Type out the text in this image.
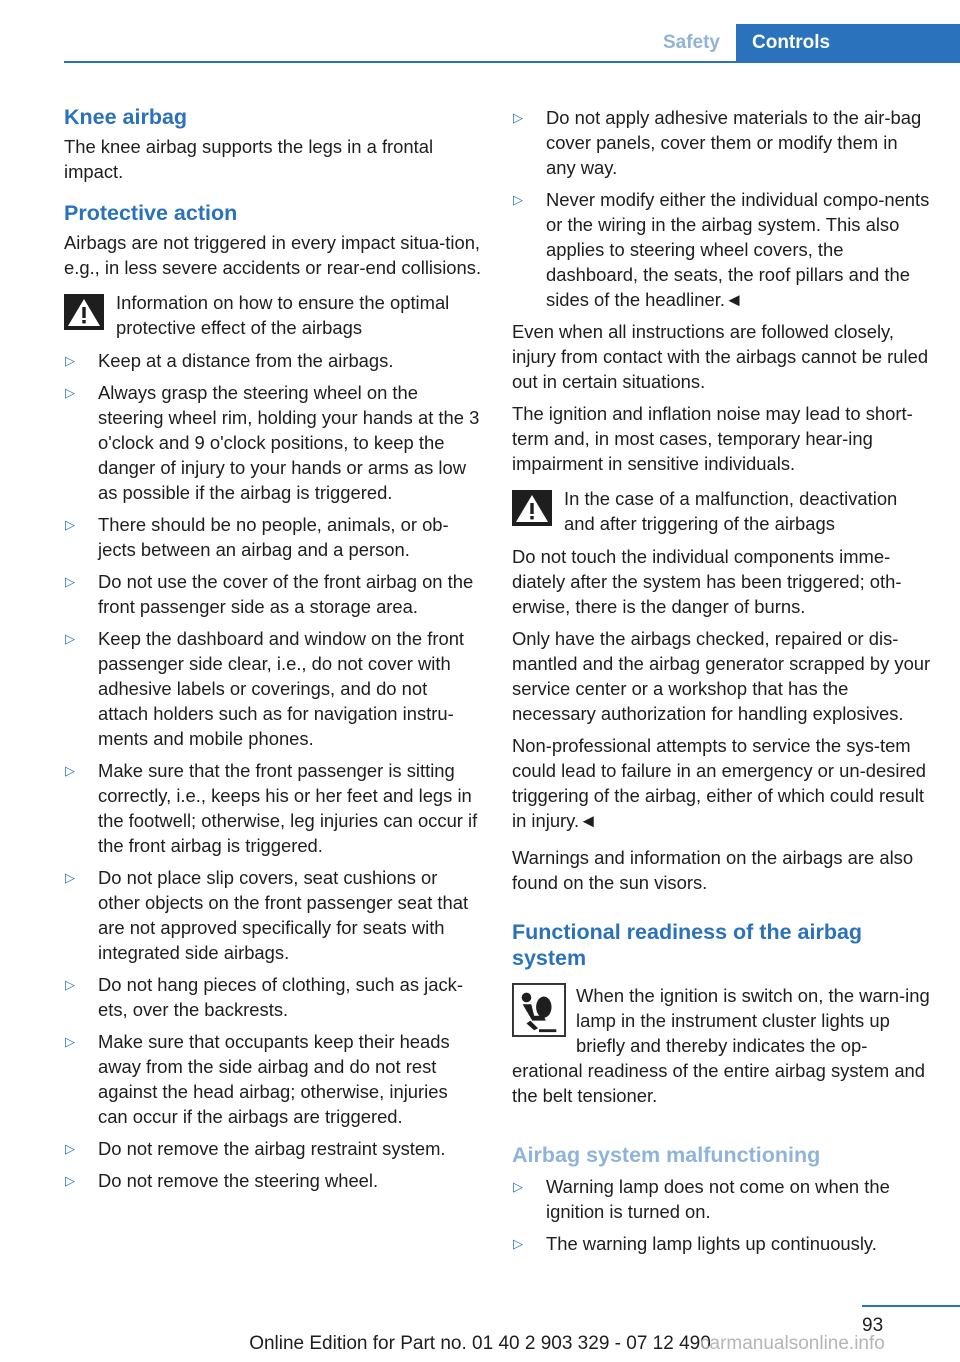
Safety	Controls
Knee airbag

The knee airbag supports the legs in a frontal impact.

Protective action

Airbags are not triggered in every impact situa-tion, e.g., in less severe accidents or rear-end collisions.

Information on how to ensure the optimal protective effect of the airbags
▷ Keep at a distance from the airbags.
▷ Always grasp the steering wheel on the steering wheel rim, holding your hands at the 3 o'clock and 9 o'clock positions, to keep the danger of injury to your hands or arms as low as possible if the airbag is triggered.
▷ There should be no people, animals, or ob-jects between an airbag and a person.
▷ Do not use the cover of the front airbag on the front passenger side as a storage area.
▷ Keep the dashboard and window on the front passenger side clear, i.e., do not cover with adhesive labels or coverings, and do not attach holders such as for navigation instru-ments and mobile phones.
▷ Make sure that the front passenger is sitting correctly, i.e., keeps his or her feet and legs in the footwell; otherwise, leg injuries can occur if the front airbag is triggered.
▷ Do not place slip covers, seat cushions or other objects on the front passenger seat that are not approved specifically for seats with integrated side airbags.
▷ Do not hang pieces of clothing, such as jack-ets, over the backrests.
▷ Make sure that occupants keep their heads away from the side airbag and do not rest against the head airbag; otherwise, injuries can occur if the airbags are triggered.
▷ Do not remove the airbag restraint system.
▷ Do not remove the steering wheel.
▷ Do not apply adhesive materials to the air-bag cover panels, cover them or modify them in any way.
▷ Never modify either the individual compo-nents or the wiring in the airbag system. This also applies to steering wheel covers, the dashboard, the seats, the roof pillars and the sides of the headliner.◄

Even when all instructions are followed closely, injury from contact with the airbags cannot be ruled out in certain situations.

The ignition and inflation noise may lead to short-term and, in most cases, temporary hear-ing impairment in sensitive individuals.

In the case of a malfunction, deactivation and after triggering of the airbags

Do not touch the individual components imme-diately after the system has been triggered; oth-erwise, there is the danger of burns.

Only have the airbags checked, repaired or dis-mantled and the airbag generator scrapped by your service center or a workshop that has the necessary authorization for handling explosives.

Non-professional attempts to service the sys-tem could lead to failure in an emergency or un-desired triggering of the airbag, either of which could result in injury.◄

Warnings and information on the airbags are also found on the sun visors.

Functional readiness of the airbag system
When the ignition is switch on, the warn-ing lamp in the instrument cluster lights up briefly and thereby indicates the op-erational readiness of the entire airbag system and the belt tensioner.
Airbag system malfunctioning
▷ Warning lamp does not come on when the ignition is turned on.
▷ The warning lamp lights up continuously.
93
Online Edition for Part no. 01 40 2 903 329 - 07 12 490
carmanualsonline.info
